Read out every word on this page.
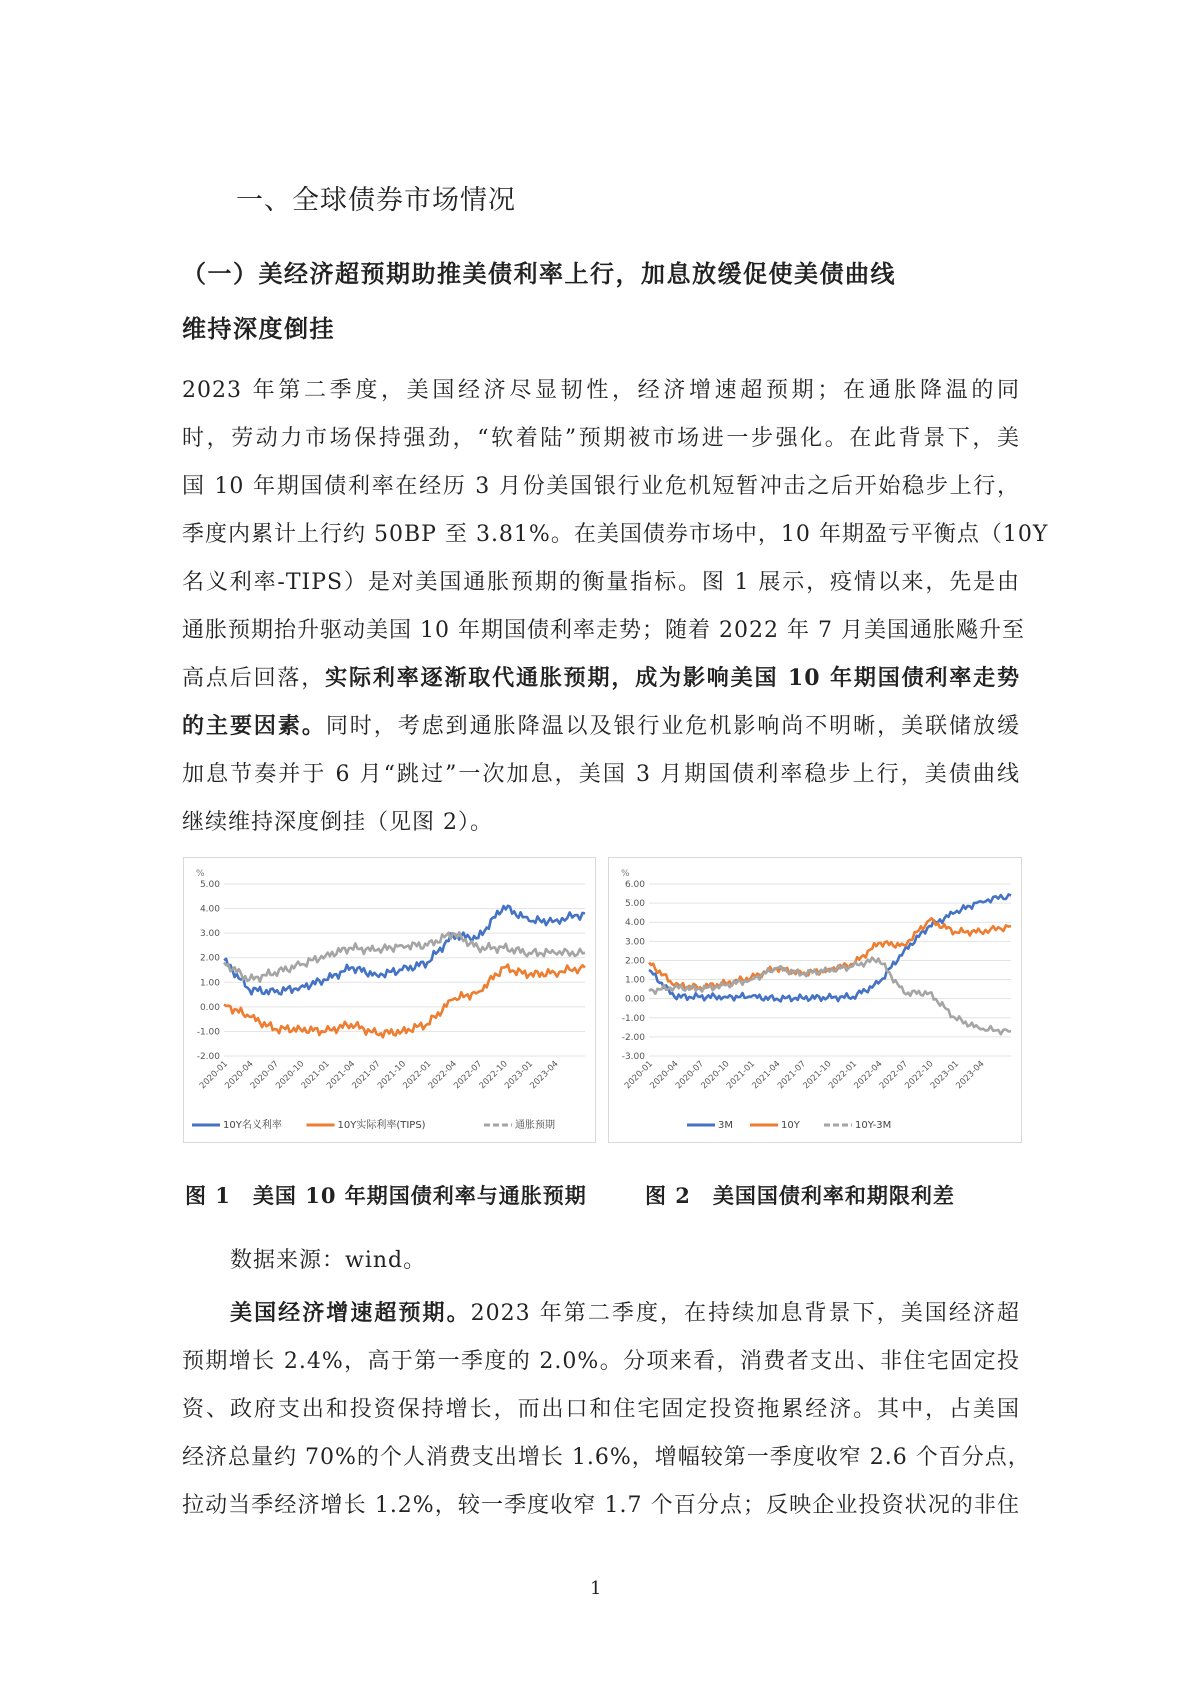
一、全球债券市场情况
（一）美经济超预期助推美债利率上行，加息放缓促使美债曲线
维持深度倒挂
2023 年第二季度，美国经济尽显韧性，经济增速超预期；在通胀降温的同
时，劳动力市场保持强劲，“软着陆”预期被市场进一步强化。在此背景下，美
国 10 年期国债利率在经历 3 月份美国银行业危机短暂冲击之后开始稳步上行，
季度内累计上行约 50BP 至 3.81%。在美国债券市场中，10 年期盈亏平衡点（10Y
名义利率-TIPS）是对美国通胀预期的衡量指标。图 1 展示，疫情以来，先是由
通胀预期抬升驱动美国 10 年期国债利率走势；随着 2022 年 7 月美国通胀飚升至
高点后回落，实际利率逐渐取代通胀预期，成为影响美国 10 年期国债利率走势
的主要因素。同时，考虑到通胀降温以及银行业危机影响尚不明晰，美联储放缓
加息节奏并于 6 月“跳过”一次加息，美国 3 月期国债利率稳步上行，美债曲线
继续维持深度倒挂（见图 2）。
%
5.00
4.00
3.00
2.00
1.00
0.00
-1.00
-2.00
2020-01
2020-04
2020-07
2020-10
2021-01
2021-04
2021-07
2021-10
2022-01
2022-04
2022-07
2022-10
2023-01
2023-04
10Y名义利率	10Y实际利率(TIPS)	通胀预期
%
6.00
5.00
4.00
3.00
2.00
1.00
0.00
-1.00
-2.00
-3.00
2020-01
2020-04
2020-07
2020-10
2021-01
2021-04
2021-07
2021-10
2022-01
2022-04
2022-07
2022-10
2023-01
2023-04
3M	10Y	10Y-3M
图 1　美国 10 年期国债利率与通胀预期	图 2　美国国债利率和期限利差
数据来源：wind。
美国经济增速超预期。2023 年第二季度，在持续加息背景下，美国经济超
预期增长 2.4%，高于第一季度的 2.0%。分项来看，消费者支出、非住宅固定投
资、政府支出和投资保持增长，而出口和住宅固定投资拖累经济。其中，占美国
经济总量约 70%的个人消费支出增长 1.6%，增幅较第一季度收窄 2.6 个百分点，
拉动当季经济增长 1.2%，较一季度收窄 1.7 个百分点；反映企业投资状况的非住
1
